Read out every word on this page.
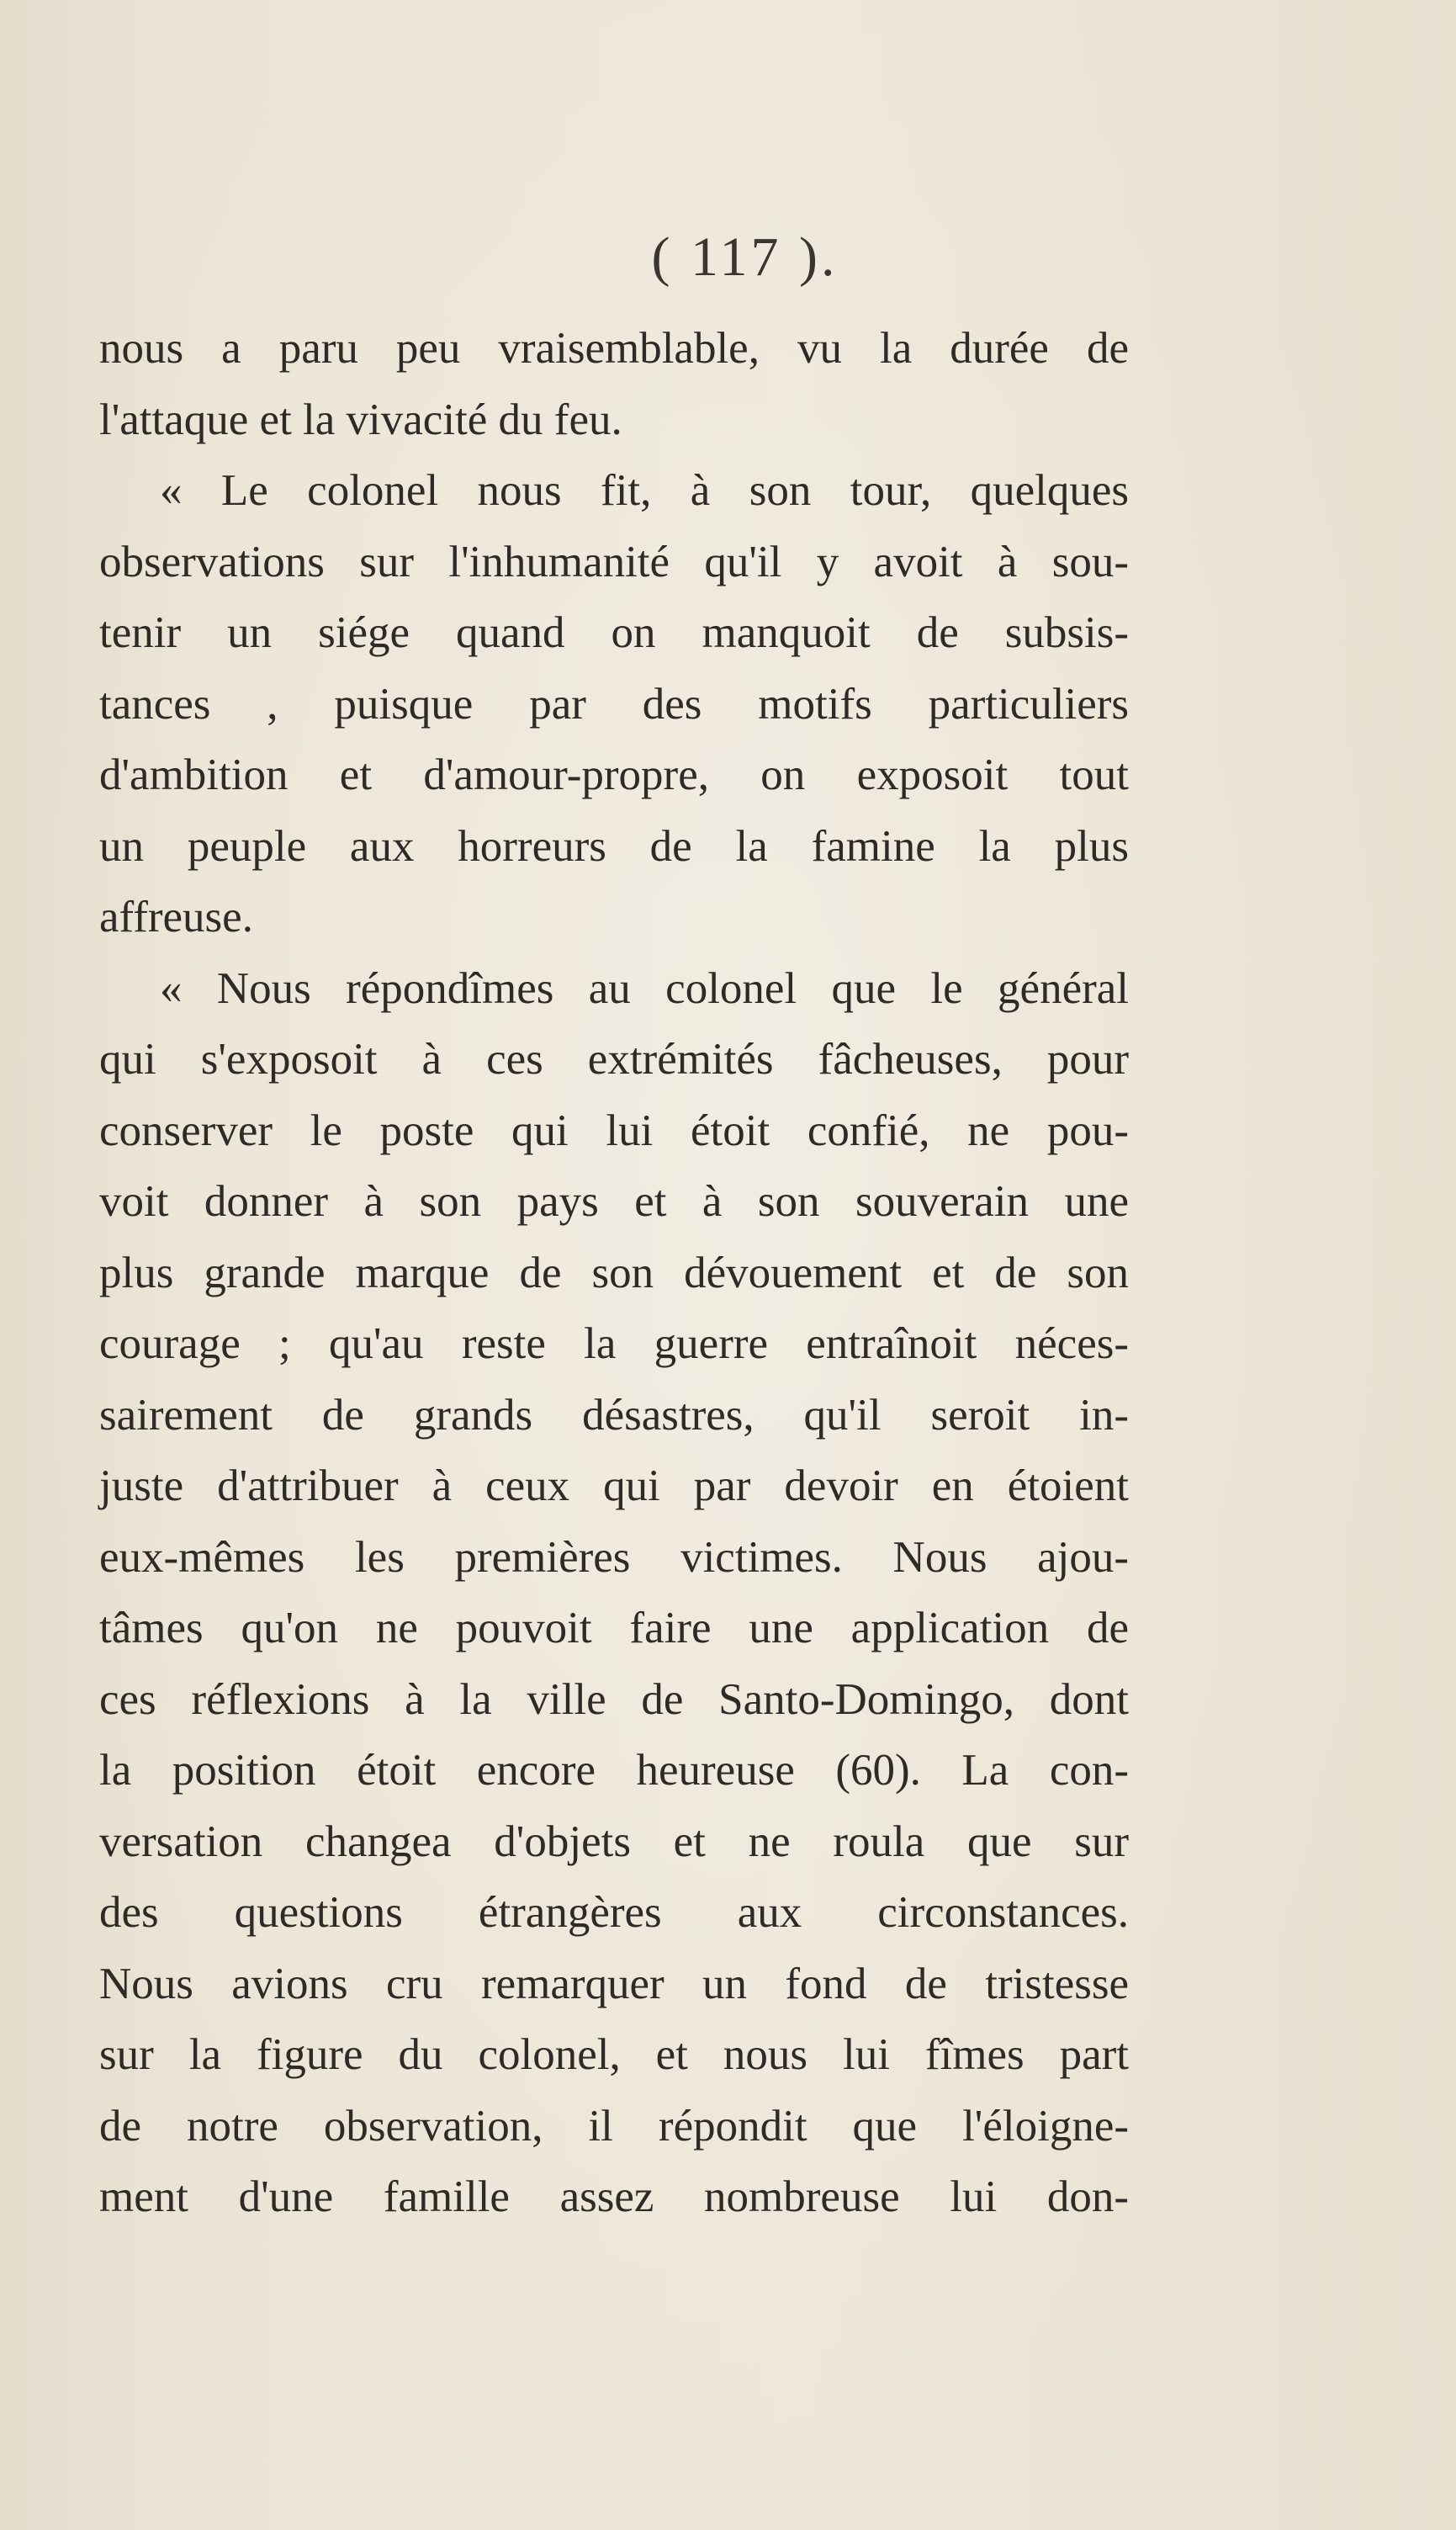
( 117 ).
nous a paru peu vraisemblable, vu la durée de
l'attaque et la vivacité du feu.
« Le colonel nous fit, à son tour, quelques
observations sur l'inhumanité qu'il y avoit à sou-
tenir un siége quand on manquoit de subsis-
tances , puisque par des motifs particuliers
d'ambition et d'amour-propre, on exposoit tout
un peuple aux horreurs de la famine la plus
affreuse.
« Nous répondîmes au colonel que le général
qui s'exposoit à ces extrémités fâcheuses, pour
conserver le poste qui lui étoit confié, ne pou-
voit donner à son pays et à son souverain une
plus grande marque de son dévouement et de son
courage ; qu'au reste la guerre entraînoit néces-
sairement de grands désastres, qu'il seroit in-
juste d'attribuer à ceux qui par devoir en étoient
eux-mêmes les premières victimes. Nous ajou-
tâmes qu'on ne pouvoit faire une application de
ces réflexions à la ville de Santo-Domingo, dont
la position étoit encore heureuse (60). La con-
versation changea d'objets et ne roula que sur
des questions étrangères aux circonstances.
Nous avions cru remarquer un fond de tristesse
sur la figure du colonel, et nous lui fîmes part
de notre observation, il répondit que l'éloigne-
ment d'une famille assez nombreuse lui don-
